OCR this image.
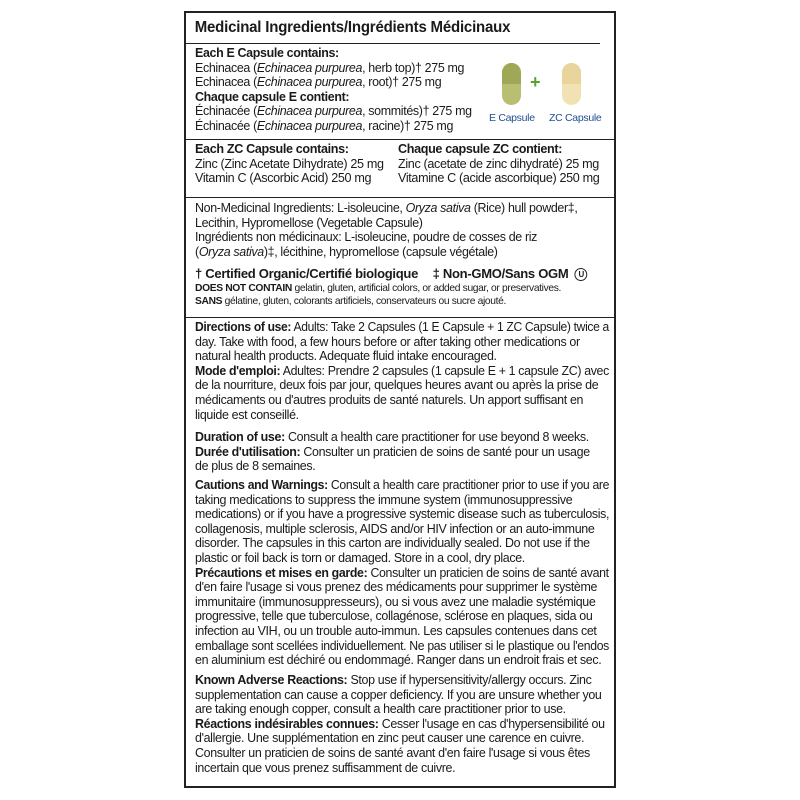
Medicinal Ingredients/Ingrédients Médicinaux
Each E Capsule contains:
Echinacea (Echinacea purpurea, herb top)† 275 mg
Echinacea (Echinacea purpurea, root)† 275 mg
Chaque capsule E contient:
Échinacée (Echinacea purpurea, sommités)† 275 mg
Échinacée (Echinacea purpurea, racine)† 275 mg
+
E Capsule ZC Capsule
Each ZC Capsule contains:
Zinc (Zinc Acetate Dihydrate) 25 mg
Vitamin C (Ascorbic Acid) 250 mg
Chaque capsule ZC contient:
Zinc (acetate de zinc dihydraté) 25 mg
Vitamine C (acide ascorbique) 250 mg
Non-Medicinal Ingredients: L-isoleucine, Oryza sativa (Rice) hull powder‡,
Lecithin, Hypromellose (Vegetable Capsule)
Ingrédients non médicinaux: L-isoleucine, poudre de cosses de riz
(Oryza sativa)‡, lécithine, hypromellose (capsule végétale)
† Certified Organic/Certifié biologique ‡ Non-GMO/Sans OGM U
DOES NOT CONTAIN gelatin, gluten, artificial colors, or added sugar, or preservatives.
SANS gélatine, gluten, colorants artificiels, conservateurs ou sucre ajouté.
Directions of use: Adults: Take 2 Capsules (1 E Capsule + 1 ZC Capsule) twice a
day. Take with food, a few hours before or after taking other medications or
natural health products. Adequate fluid intake encouraged.
Mode d'emploi: Adultes: Prendre 2 capsules (1 capsule E + 1 capsule ZC) avec
de la nourriture, deux fois par jour, quelques heures avant ou après la prise de
médicaments ou d'autres produits de santé naturels. Un apport suffisant en
liquide est conseillé.
Duration of use: Consult a health care practitioner for use beyond 8 weeks.
Durée d'utilisation: Consulter un praticien de soins de santé pour un usage
de plus de 8 semaines.
Cautions and Warnings: Consult a health care practitioner prior to use if you are
taking medications to suppress the immune system (immunosuppressive
medications) or if you have a progressive systemic disease such as tuberculosis,
collagenosis, multiple sclerosis, AIDS and/or HIV infection or an auto-immune
disorder. The capsules in this carton are individually sealed. Do not use if the
plastic or foil back is torn or damaged. Store in a cool, dry place.
Précautions et mises en garde: Consulter un praticien de soins de santé avant
d'en faire l'usage si vous prenez des médicaments pour supprimer le système
immunitaire (immunosuppresseurs), ou si vous avez une maladie systémique
progressive, telle que tuberculose, collagénose, sclérose en plaques, sida ou
infection au VIH, ou un trouble auto-immun. Les capsules contenues dans cet
emballage sont scellées individuellement. Ne pas utiliser si le plastique ou l'endos
en aluminium est déchiré ou endommagé. Ranger dans un endroit frais et sec.
Known Adverse Reactions: Stop use if hypersensitivity/allergy occurs. Zinc
supplementation can cause a copper deficiency. If you are unsure whether you
are taking enough copper, consult a health care practitioner prior to use.
Réactions indésirables connues: Cesser l'usage en cas d'hypersensibilité ou
d'allergie. Une supplémentation en zinc peut causer une carence en cuivre.
Consulter un praticien de soins de santé avant d'en faire l'usage si vous êtes
incertain que vous prenez suffisamment de cuivre.
